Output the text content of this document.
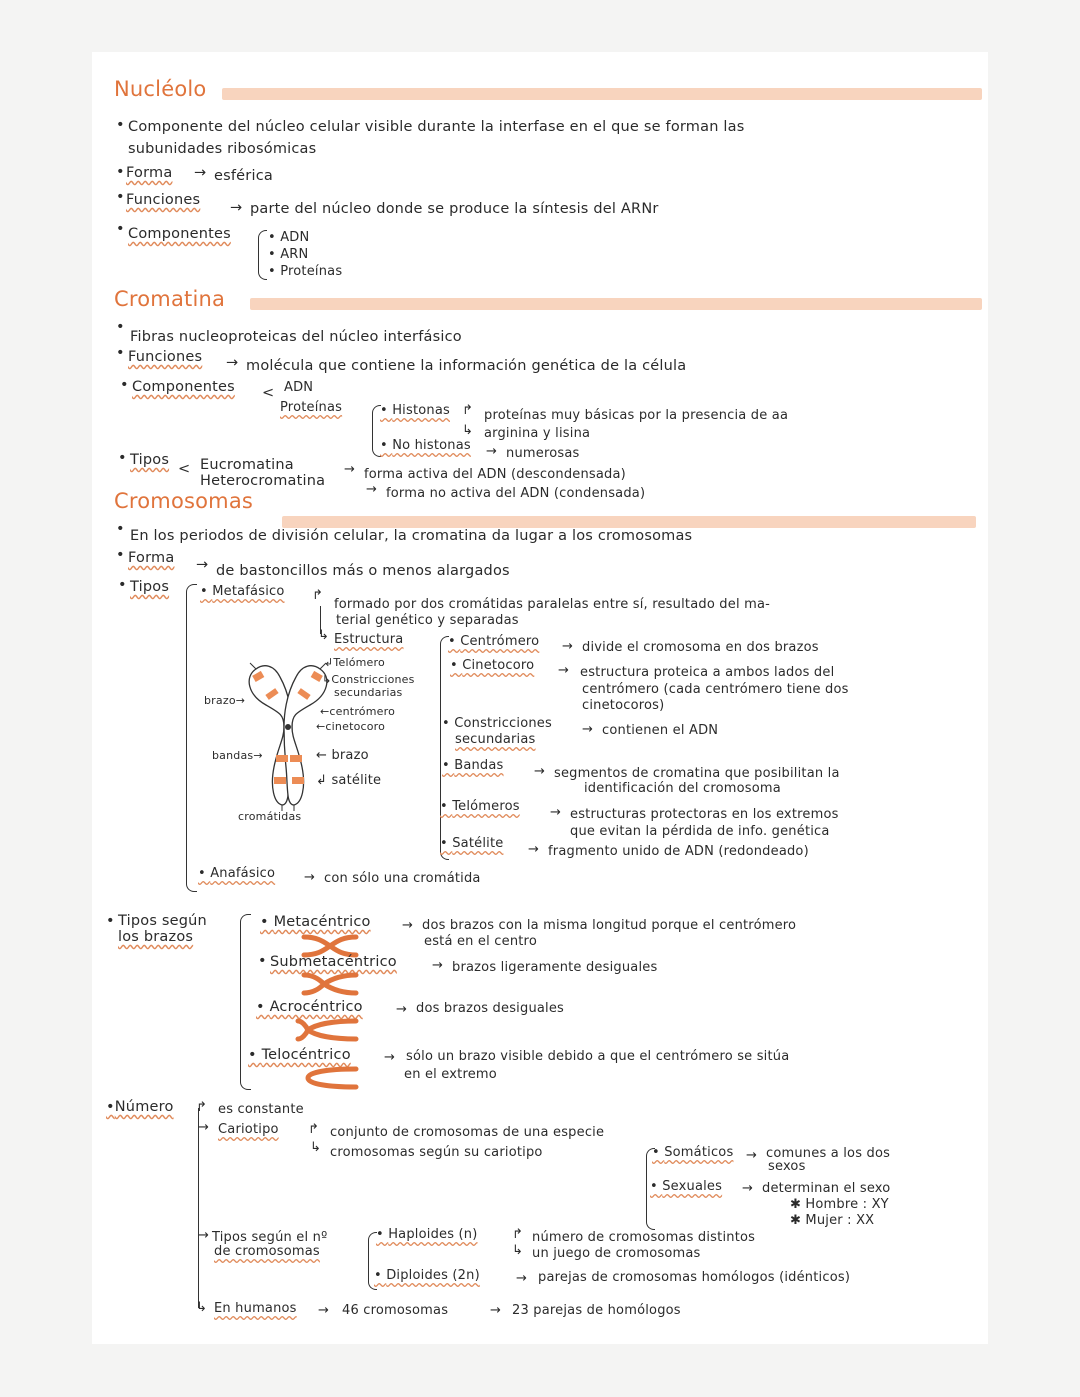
Nucléolo
• Componente del núcleo celular visible durante la interfase en el que se forman las
subunidades ribosómicas
• Forma → esférica
• Funciones → parte del núcleo donde se produce la síntesis del ARNr
• Componentes	• ADN
• ARN
• Proteínas
Cromatina
•
Fibras nucleoproteicas del núcleo interfásico
• Funciones → molécula que contiene la información genética de la célula
• Componentes < ADN
Proteínas	• Histonas ↱ proteínas muy básicas por la presencia de aa
↳ arginina y lisina
• No histonas → numerosas
• Tipos
< Eucromatina	→ forma activa del ADN (descondensada)
Heterocromatina
→ forma no activa del ADN (condensada)
Cromosomas
• En los periodos de división celular, la cromatina da lugar a los cromosomas
• Forma → de bastoncillos más o menos alargados
• Tipos • Metafásico ↱
formado por dos cromátidas paralelas entre sí, resultado del ma-
terial genético y separadas
↳ Estructura	• Centrómero → divide el cromosoma en dos brazos
• Cinetocoro → estructura proteica a ambos lados del
centrómero (cada centrómero tiene dos
cinetocoros)
• Constricciones
secundarias
→ contienen el ADN
• Bandas → segmentos de cromatina que posibilitan la
identificación del cromosoma
• Telómeros → estructuras protectoras en los extremos
que evitan la pérdida de info. genética
• Satélite → fragmento unido de ADN (redondeado)
• Anafásico → con sólo una cromátida
↲Telómero
↳Constricciones
secundarias
←centrómero
←cinetocoro
brazo→
bandas→	← brazo
↲ satélite
cromátidas
• Tipos según
los brazos
• Metacéntrico → dos brazos con la misma longitud porque el centrómero
está en el centro
• Submetacéntrico	→ brazos ligeramente desiguales
• Acrocéntrico	→ dos brazos desiguales
• Telocéntrico	→ sólo un brazo visible debido a que el centrómero se sitúa
en el extremo
•Número ↱ es constante
→ Cariotipo ↱ conjunto de cromosomas de una especie
↳ cromosomas según su cariotipo	• Somáticos → comunes a los dos
sexos
• Sexuales → determinan el sexo
✱ Hombre : XY
✱ Mujer : XX
→ Tipos según el nº
de cromosomas
• Haploides (n)	↱ número de cromosomas distintos
↳ un juego de cromosomas
• Diploides (2n)	→ parejas de cromosomas homólogos (idénticos)
↳ En humanos → 46 cromosomas	→ 23 parejas de homólogos
